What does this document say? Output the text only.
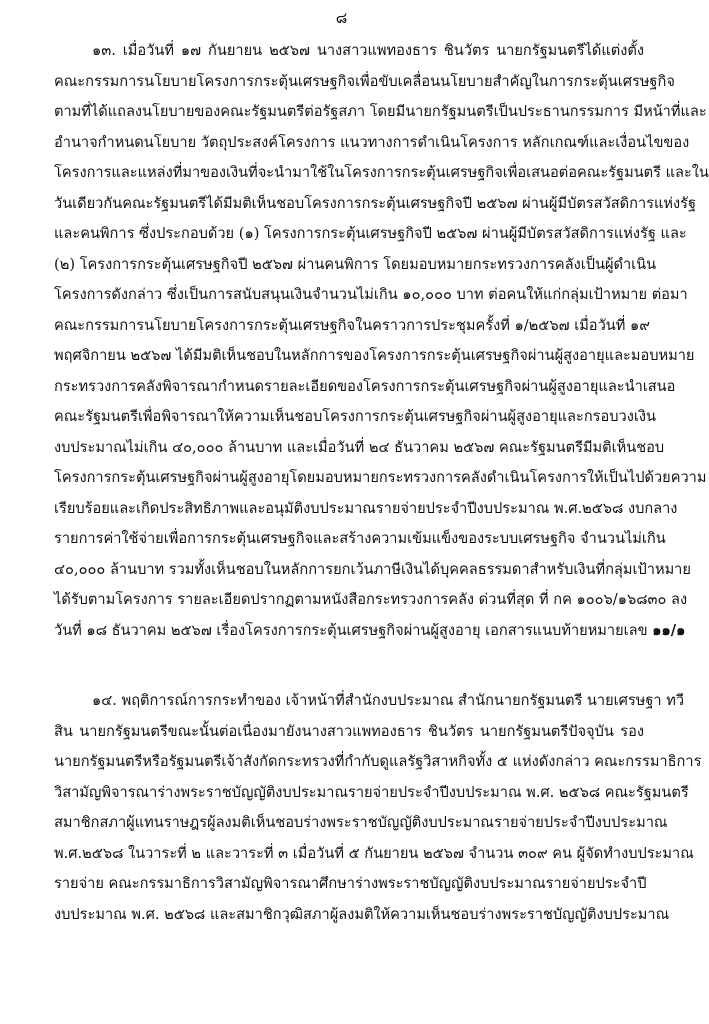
๘
๑๓. เมื่อวันที่ ๑๗ กันยายน ๒๕๖๗ นางสาวแพทองธาร ชินวัตร นายกรัฐมนตรีได้แต่งตั้ง
คณะกรรมการนโยบายโครงการกระตุ้นเศรษฐกิจเพื่อขับเคลื่อนนโยบายสำคัญในการกระตุ้นเศรษฐกิจ
ตามที่ได้แถลงนโยบายของคณะรัฐมนตรีต่อรัฐสภา โดยมีนายกรัฐมนตรีเป็นประธานกรรมการ มีหน้าที่และ
อำนาจกำหนดนโยบาย วัตถุประสงค์โครงการ แนวทางการดำเนินโครงการ หลักเกณฑ์และเงื่อนไขของ
โครงการและแหล่งที่มาของเงินที่จะนำมาใช้ในโครงการกระตุ้นเศรษฐกิจเพื่อเสนอต่อคณะรัฐมนตรี และใน
วันเดียวกันคณะรัฐมนตรีได้มีมติเห็นชอบโครงการกระตุ้นเศรษฐกิจปี ๒๕๖๗ ผ่านผู้มีบัตรสวัสดิการแห่งรัฐ
และคนพิการ ซึ่งประกอบด้วย (๑) โครงการกระตุ้นเศรษฐกิจปี ๒๕๖๗ ผ่านผู้มีบัตรสวัสดิการแห่งรัฐ และ
(๒) โครงการกระตุ้นเศรษฐกิจปี ๒๕๖๗ ผ่านคนพิการ โดยมอบหมายกระทรวงการคลังเป็นผู้ดำเนิน
โครงการดังกล่าว ซึ่งเป็นการสนับสนุนเงินจำนวนไม่เกิน ๑๐,๐๐๐ บาท ต่อคนให้แก่กลุ่มเป้าหมาย ต่อมา
คณะกรรมการนโยบายโครงการกระตุ้นเศรษฐกิจในคราวการประชุมครั้งที่ ๑/๒๕๖๗ เมื่อวันที่ ๑๙
พฤศจิกายน ๒๕๖๗ ได้มีมติเห็นชอบในหลักการของโครงการกระตุ้นเศรษฐกิจผ่านผู้สูงอายุและมอบหมาย
กระทรวงการคลังพิจารณากำหนดรายละเอียดของโครงการกระตุ้นเศรษฐกิจผ่านผู้สูงอายุและนำเสนอ
คณะรัฐมนตรีเพื่อพิจารณาให้ความเห็นชอบโครงการกระตุ้นเศรษฐกิจผ่านผู้สูงอายุและกรอบวงเงิน
งบประมาณไม่เกิน ๔๐,๐๐๐ ล้านบาท และเมื่อวันที่ ๒๔ ธันวาคม ๒๕๖๗ คณะรัฐมนตรีมีมติเห็นชอบ
โครงการกระตุ้นเศรษฐกิจผ่านผู้สูงอายุโดยมอบหมายกระทรวงการคลังดำเนินโครงการให้เป็นไปด้วยความ
เรียบร้อยและเกิดประสิทธิภาพและอนุมัติงบประมาณรายจ่ายประจำปีงบประมาณ พ.ศ.๒๕๖๘ งบกลาง
รายการค่าใช้จ่ายเพื่อการกระตุ้นเศรษฐกิจและสร้างความเข้มแข็งของระบบเศรษฐกิจ จำนวนไม่เกิน
๔๐,๐๐๐ ล้านบาท รวมทั้งเห็นชอบในหลักการยกเว้นภาษีเงินได้บุคคลธรรมดาสำหรับเงินที่กลุ่มเป้าหมาย
ได้รับตามโครงการ รายละเอียดปรากฏตามหนังสือกระทรวงการคลัง ด่วนที่สุด ที่ กค ๑๐๐๖/๑๖๘๓๐ ลง
วันที่ ๑๘ ธันวาคม ๒๕๖๗ เรื่องโครงการกระตุ้นเศรษฐกิจผ่านผู้สูงอายุ เอกสารแนบท้ายหมายเลข ๑๑/๑
๑๔. พฤติการณ์การกระทำของ เจ้าหน้าที่สำนักงบประมาณ สำนักนายกรัฐมนตรี นายเศรษฐา ทวี
สิน นายกรัฐมนตรีขณะนั้นต่อเนื่องมายังนางสาวแพทองธาร ชินวัตร นายกรัฐมนตรีปัจจุบัน รอง
นายกรัฐมนตรีหรือรัฐมนตรีเจ้าสังกัดกระทรวงที่กำกับดูแลรัฐวิสาหกิจทั้ง ๕ แห่งดังกล่าว คณะกรรมาธิการ
วิสามัญพิจารณาร่างพระราชบัญญัติงบประมาณรายจ่ายประจำปีงบประมาณ พ.ศ. ๒๕๖๘ คณะรัฐมนตรี
สมาชิกสภาผู้แทนราษฎรผู้ลงมติเห็นชอบร่างพระราชบัญญัติงบประมาณรายจ่ายประจำปีงบประมาณ
พ.ศ.๒๕๖๘ ในวาระที่ ๒ และวาระที่ ๓ เมื่อวันที่ ๕ กันยายน ๒๕๖๗ จำนวน ๓๐๙ คน ผู้จัดทำงบประมาณ
รายจ่าย คณะกรรมาธิการวิสามัญพิจารณาศึกษาร่างพระราชบัญญัติงบประมาณรายจ่ายประจำปี
งบประมาณ พ.ศ. ๒๕๖๘ และสมาชิกวุฒิสภาผู้ลงมติให้ความเห็นชอบร่างพระราชบัญญัติงบประมาณ
